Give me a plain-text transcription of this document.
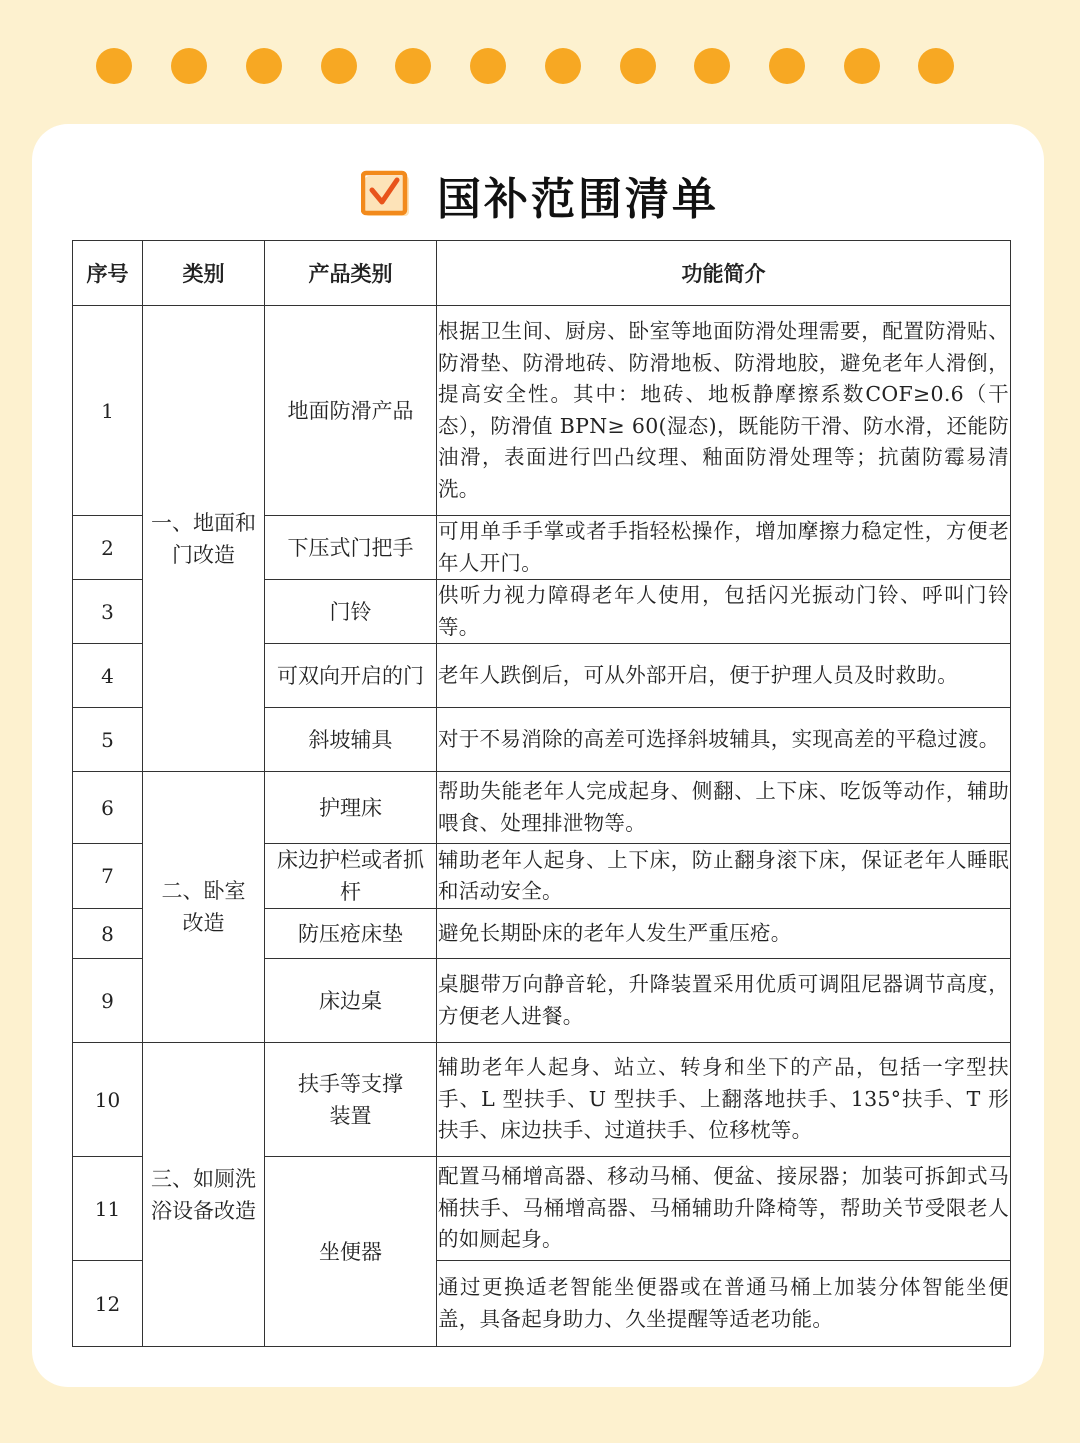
国补范围清单
序号	类别	产品类别	功能简介
1	一、地面和门改造	地面防滑产品	根据卫生间、厨房、卧室等地面防滑处理需要，配置防滑贴、防滑垫、防滑地砖、防滑地板、防滑地胶，避免老年人滑倒，提高安全性。其中：地砖、地板静摩擦系数COF≥0.6（干态），防滑值 BPN≥ 60(湿态)，既能防干滑、防水滑，还能防油滑，表面进行凹凸纹理、釉面防滑处理等；抗菌防霉易清洗。
2		下压式门把手	可用单手手掌或者手指轻松操作，增加摩擦力稳定性，方便老年人开门。
3		门铃	供听力视力障碍老年人使用，包括闪光振动门铃、呼叫门铃等。
4		可双向开启的门	老年人跌倒后，可从外部开启，便于护理人员及时救助。
5		斜坡辅具	对于不易消除的高差可选择斜坡辅具，实现高差的平稳过渡。
6	二、卧室改造	护理床	帮助失能老年人完成起身、侧翻、上下床、吃饭等动作，辅助喂食、处理排泄物等。
7		床边护栏或者抓杆	辅助老年人起身、上下床，防止翻身滚下床，保证老年人睡眠和活动安全。
8		防压疮床垫	避免长期卧床的老年人发生严重压疮。
9		床边桌	桌腿带万向静音轮，升降装置采用优质可调阻尼器调节高度，方便老人进餐。
10	三、如厕洗浴设备改造	扶手等支撑装置	辅助老年人起身、站立、转身和坐下的产品，包括一字型扶手、L 型扶手、U 型扶手、上翻落地扶手、135°扶手、T 形扶手、床边扶手、过道扶手、位移枕等。
11		坐便器	配置马桶增高器、移动马桶、便盆、接尿器；加装可拆卸式马桶扶手、马桶增高器、马桶辅助升降椅等，帮助关节受限老人的如厕起身。
12			通过更换适老智能坐便器或在普通马桶上加装分体智能坐便盖，具备起身助力、久坐提醒等适老功能。
